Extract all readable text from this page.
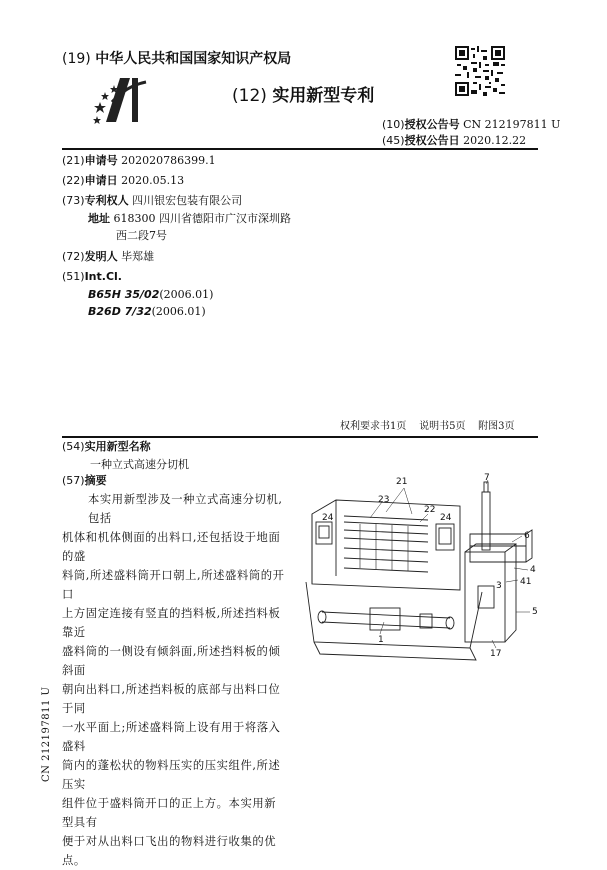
(19) 中华人民共和国国家知识产权局
(12) 实用新型专利
(10)授权公告号 CN 212197811 U
(45)授权公告日 2020.12.22
(21)申请号 202020786399.1
(22)申请日 2020.05.13
(73)专利权人 四川银宏包装有限公司
地址 618300 四川省德阳市广汉市深圳路
西二段7号
(72)发明人 毕郑雄
(51)Int.Cl.
B65H 35/02(2006.01)
B26D 7/32(2006.01)
权利要求书1页    说明书5页    附图3页
(54)实用新型名称
一种立式高速分切机
(57)摘要
本实用新型涉及一种立式高速分切机,包括
机体和机体侧面的出料口,还包括设于地面的盛
料筒,所述盛料筒开口朝上,所述盛料筒的开口
上方固定连接有竖直的挡料板,所述挡料板靠近
盛料筒的一侧设有倾斜面,所述挡料板的倾斜面
朝向出料口,所述挡料板的底部与出料口位于同
一水平面上;所述盛料筒上设有用于将落入盛料
筒内的蓬松状的物料压实的压实组件,所述压实
组件位于盛料筒开口的正上方。本实用新型具有
便于对从出料口飞出的物料进行收集的优点。
21
23
22
24	24
7
6
4
41
3
5
1
17
CN 212197811 U
